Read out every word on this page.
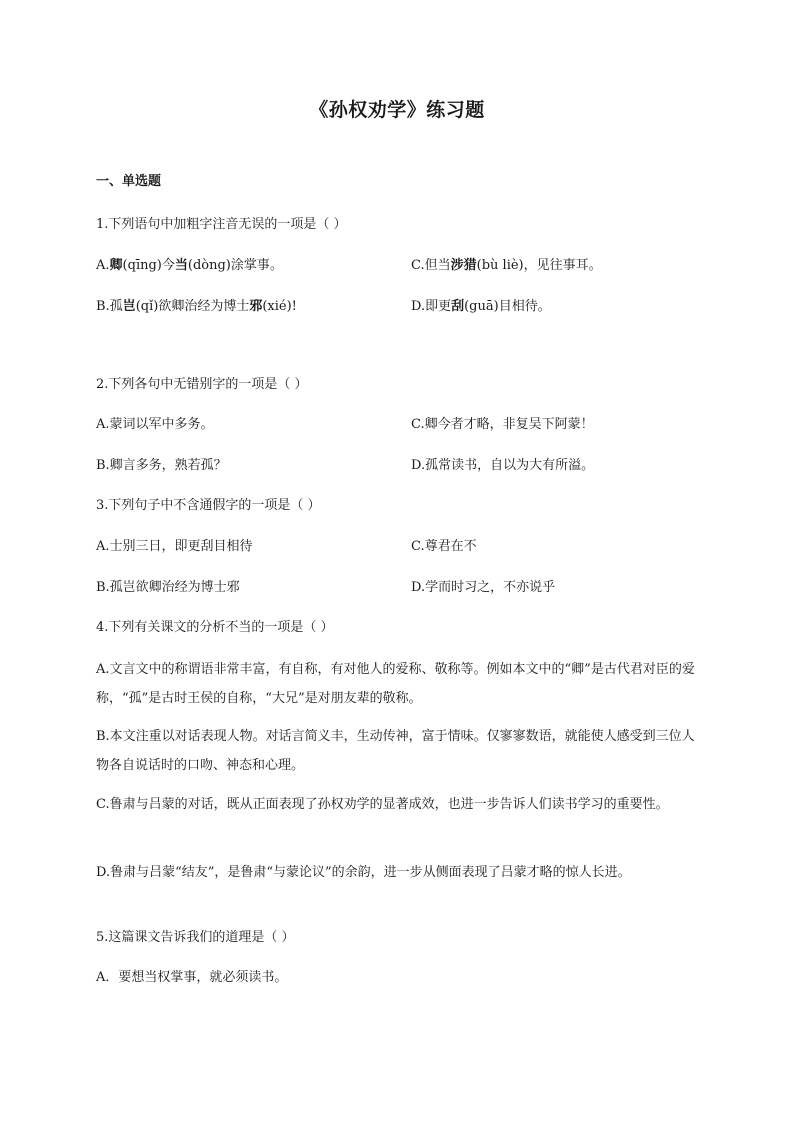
《孙权劝学》练习题
一、单选题
1.下列语句中加粗字注音无误的一项是（ ）
A.卿(qīng)今当(dòng)涂掌事。	C.但当涉猎(bù liè)，见往事耳。
B.孤岂(qǐ)欲卿治经为博士邪(xié)!	D.即更刮(guā)目相待。
2.下列各句中无错别字的一项是（ ）
A.蒙词以军中多务。	C.卿今者才略，非复吴下阿蒙！
B.卿言多务，熟若孤？	D.孤常读书，自以为大有所溢。
3.下列句子中不含通假字的一项是（ ）
A.士别三日，即更刮目相待	C.尊君在不
B.孤岂欲卿治经为博士邪	D.学而时习之，不亦说乎
4.下列有关课文的分析不当的一项是（ ）
A.文言文中的称谓语非常丰富，有自称，有对他人的爱称、敬称等。例如本文中的“卿”是古代君对臣的爱称，“孤”是古时王侯的自称，“大兄”是对朋友辈的敬称。
B.本文注重以对话表现人物。对话言简义丰，生动传神，富于情味。仅寥寥数语，就能使人感受到三位人物各自说话时的口吻、神态和心理。
C.鲁肃与吕蒙的对话，既从正面表现了孙权劝学的显著成效，也进一步告诉人们读书学习的重要性。
D.鲁肃与吕蒙“结友”，是鲁肃“与蒙论议”的余韵，进一步从侧面表现了吕蒙才略的惊人长进。
5.这篇课文告诉我们的道理是（ ）
A．要想当权掌事，就必须读书。
